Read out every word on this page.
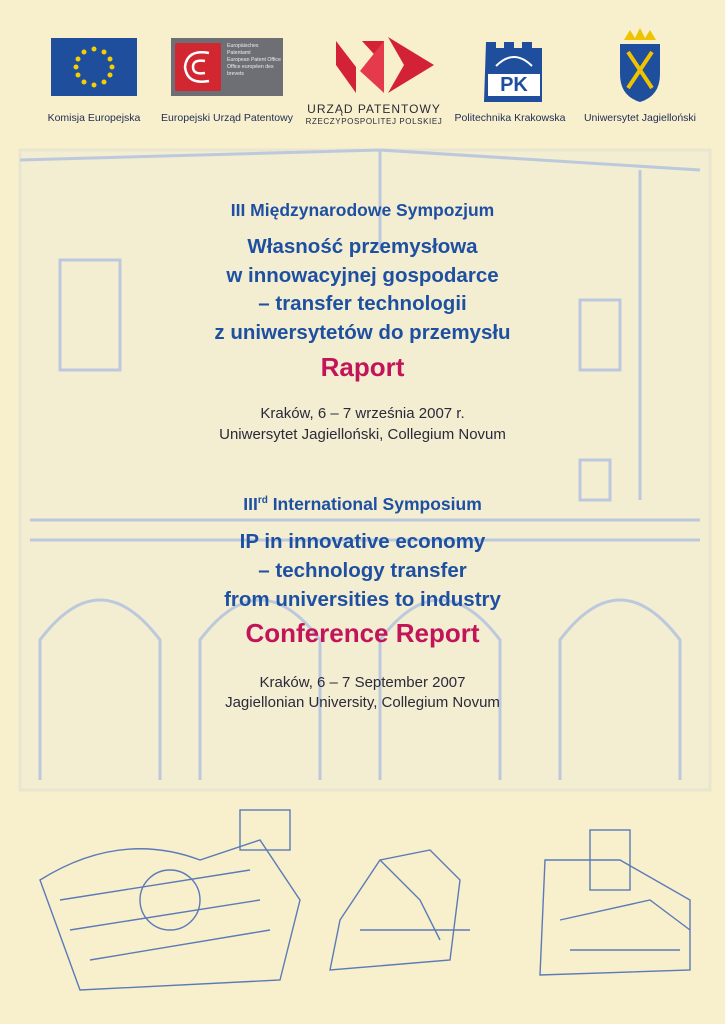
Komisja Europejska
Europäisches Patentamt
European Patent Office
Office européen des brevets
Europejski Urząd Patentowy
URZĄD PATENTOWY
RZECZYPOSPOLITEJ POLSKIEJ
PK
Politechnika Krakowska	Uniwersytet Jagielloński
III Międzynarodowe Sympozjum
Własność przemysłowa
w innowacyjnej gospodarce
– transfer technologii
z uniwersytetów do przemysłu
Raport
Kraków, 6 – 7 września 2007 r.
Uniwersytet Jagielloński, Collegium Novum
IIIrd International Symposium
IP in innovative economy
– technology transfer
from universities to industry
Conference Report
Kraków, 6 – 7 September 2007
Jagiellonian University, Collegium Novum
